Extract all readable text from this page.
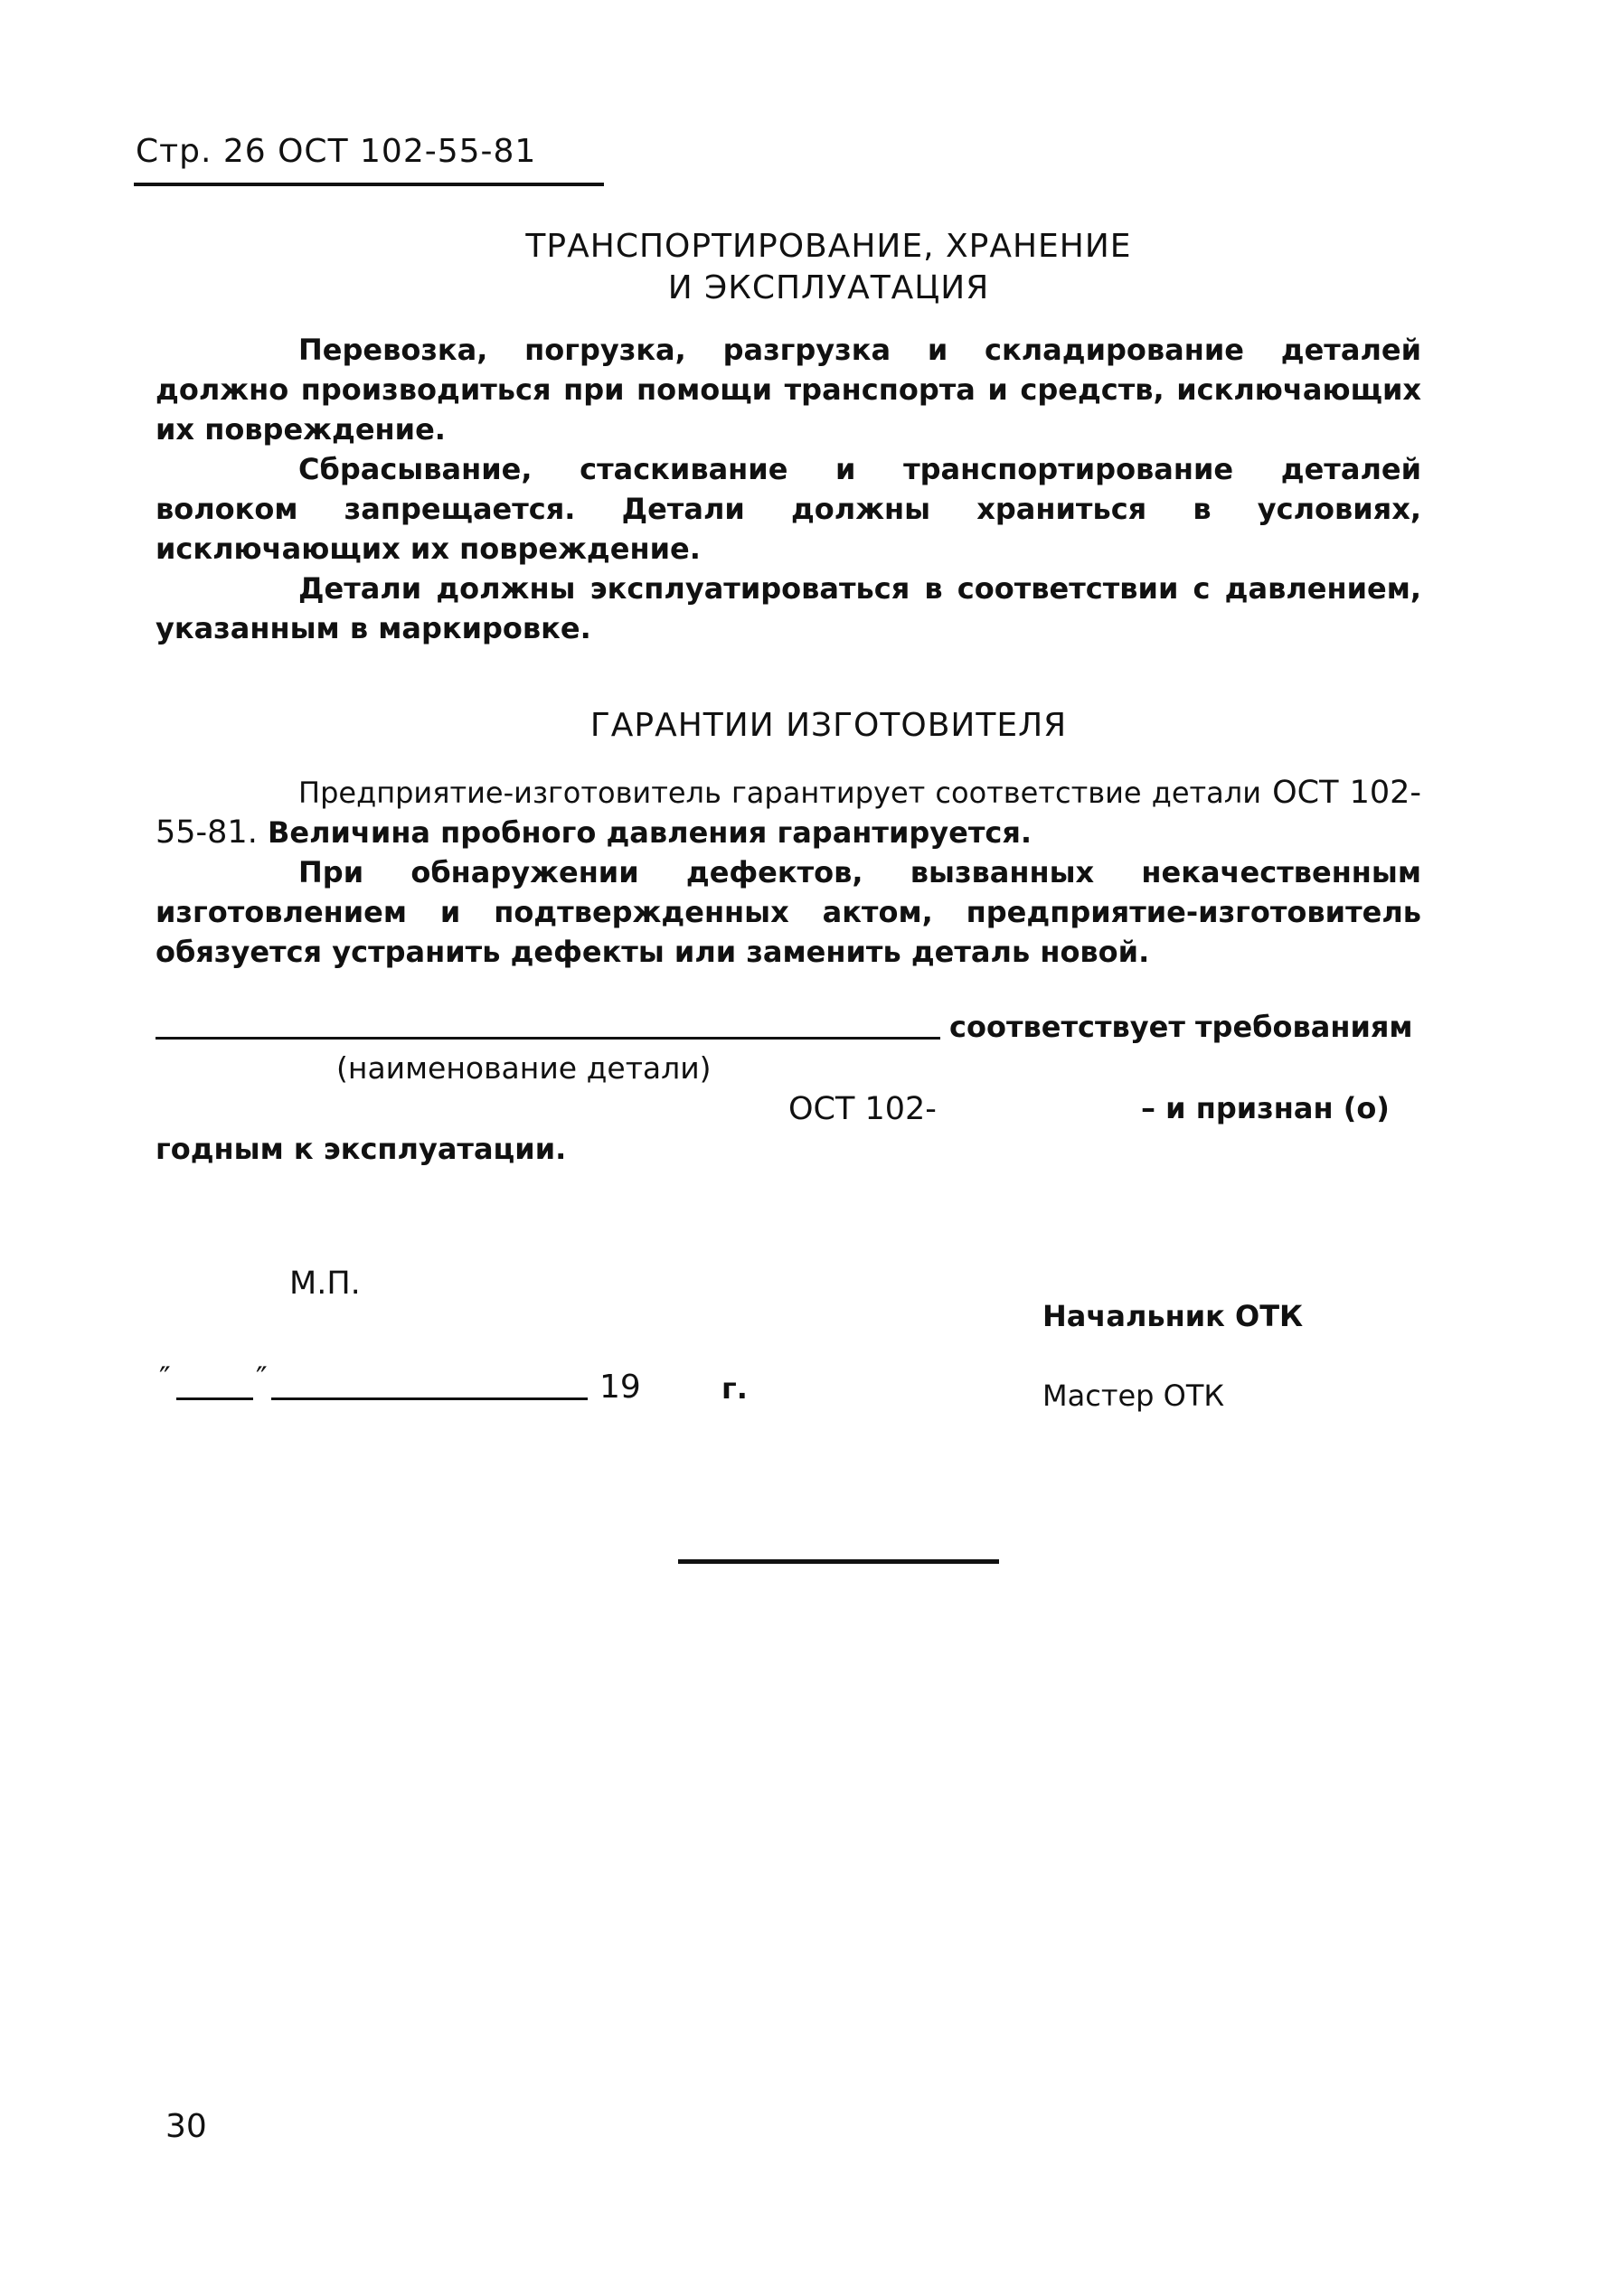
Стр. 26 ОСТ 102-55-81
ТРАНСПОРТИРОВАНИЕ, ХРАНЕНИЕ
И ЭКСПЛУАТАЦИЯ
Перевозка, погрузка, разгрузка и складирование деталей должно производиться при помощи транспорта и средств, исключающих их повреждение.
Сбрасывание, стаскивание и транспортирование деталей волоком запрещается. Детали должны храниться в условиях, исключающих их повреждение.
Детали должны эксплуатироваться в соответствии с давлением, указанным в маркировке.
ГАРАНТИИ ИЗГОТОВИТЕЛЯ
Предприятие-изготовитель гарантирует соответствие детали ОСТ 102-55-81. Величина пробного давления гарантируется.
При обнаружении дефектов, вызванных некачественным изготовлением и подтвержденных актом, предприятие-изготовитель обязуется устранить дефекты или заменить деталь новой.
соответствует требованиям
(наименование детали)
ОСТ 102-	– и признан (о)
годным к эксплуатации.
М.П.
Начальник ОТК
″	″	19	г.	Мастер ОТК
30
